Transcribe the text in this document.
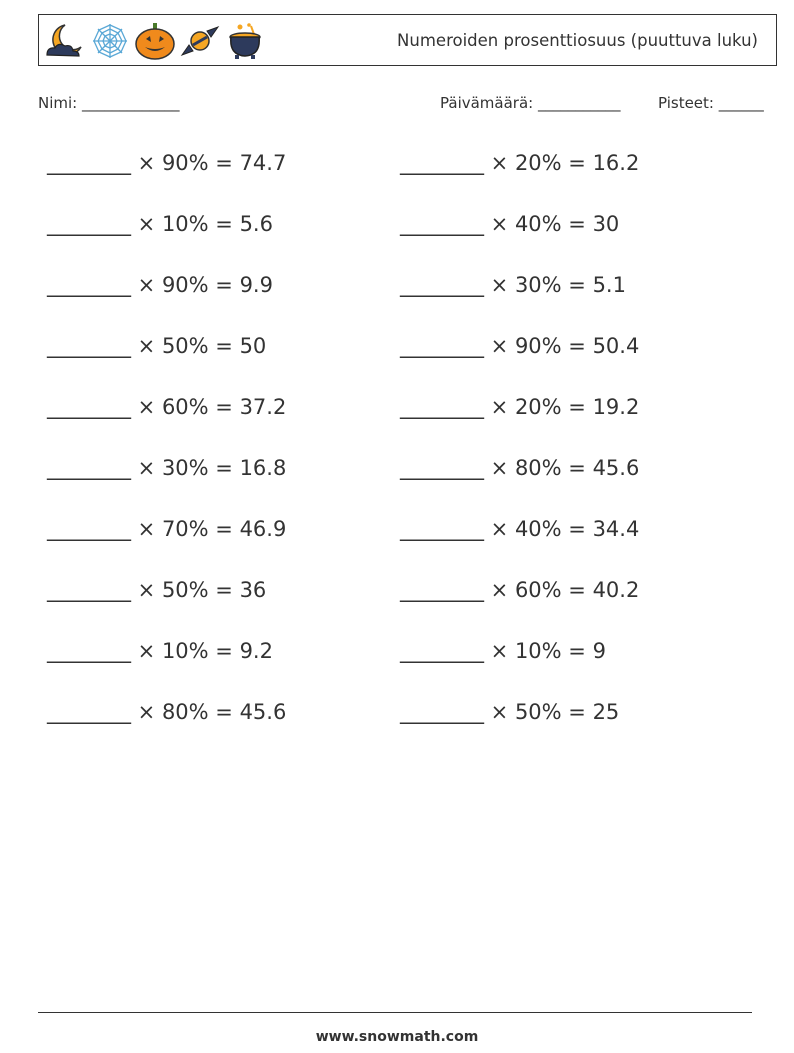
Numeroiden prosenttiosuus (puuttuva luku)
Nimi: _____________	Päivämäärä: ___________	Pisteet: ______
________ × 90% = 74.7
________ × 10% = 5.6
________ × 90% = 9.9
________ × 50% = 50
________ × 60% = 37.2
________ × 30% = 16.8
________ × 70% = 46.9
________ × 50% = 36
________ × 10% = 9.2
________ × 80% = 45.6
________ × 20% = 16.2
________ × 40% = 30
________ × 30% = 5.1
________ × 90% = 50.4
________ × 20% = 19.2
________ × 80% = 45.6
________ × 40% = 34.4
________ × 60% = 40.2
________ × 10% = 9
________ × 50% = 25
www.snowmath.com
